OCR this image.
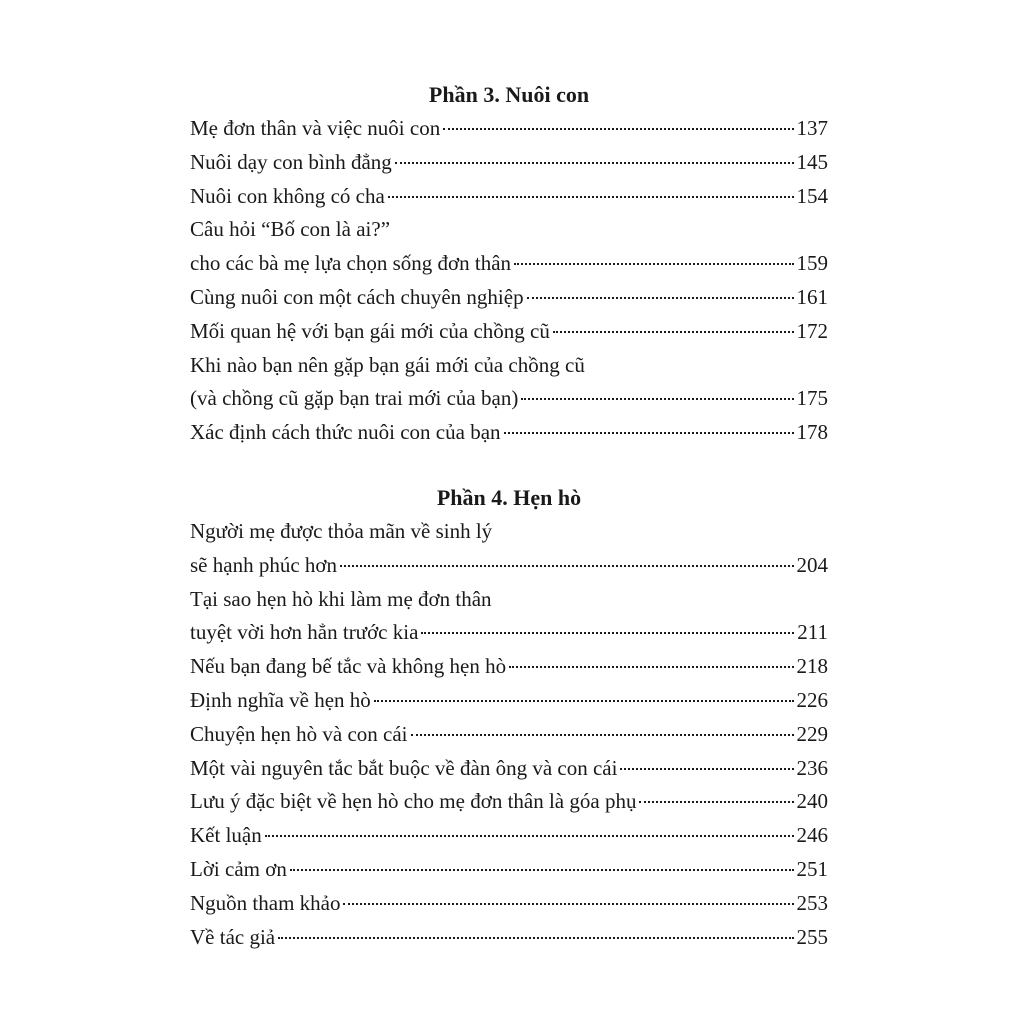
Phần 3. Nuôi con
Mẹ đơn thân và việc nuôi con	137
Nuôi dạy con bình đẳng	145
Nuôi con không có cha	154
Câu hỏi “Bố con là ai?”
cho các bà mẹ lựa chọn sống đơn thân	159
Cùng nuôi con một cách chuyên nghiệp	161
Mối quan hệ với bạn gái mới của chồng cũ	172
Khi nào bạn nên gặp bạn gái mới của chồng cũ
(và chồng cũ gặp bạn trai mới của bạn)	175
Xác định cách thức nuôi con của bạn	178
Phần 4. Hẹn hò
Người mẹ được thỏa mãn về sinh lý
sẽ hạnh phúc hơn	204
Tại sao hẹn hò khi làm mẹ đơn thân
tuyệt vời hơn hẳn trước kia	211
Nếu bạn đang bế tắc và không hẹn hò	218
Định nghĩa về hẹn hò	226
Chuyện hẹn hò và con cái	229
Một vài nguyên tắc bắt buộc về đàn ông và con cái	236
Lưu ý đặc biệt về hẹn hò cho mẹ đơn thân là góa phụ	240
Kết luận	246
Lời cảm ơn	251
Nguồn tham khảo	253
Về tác giả	255
